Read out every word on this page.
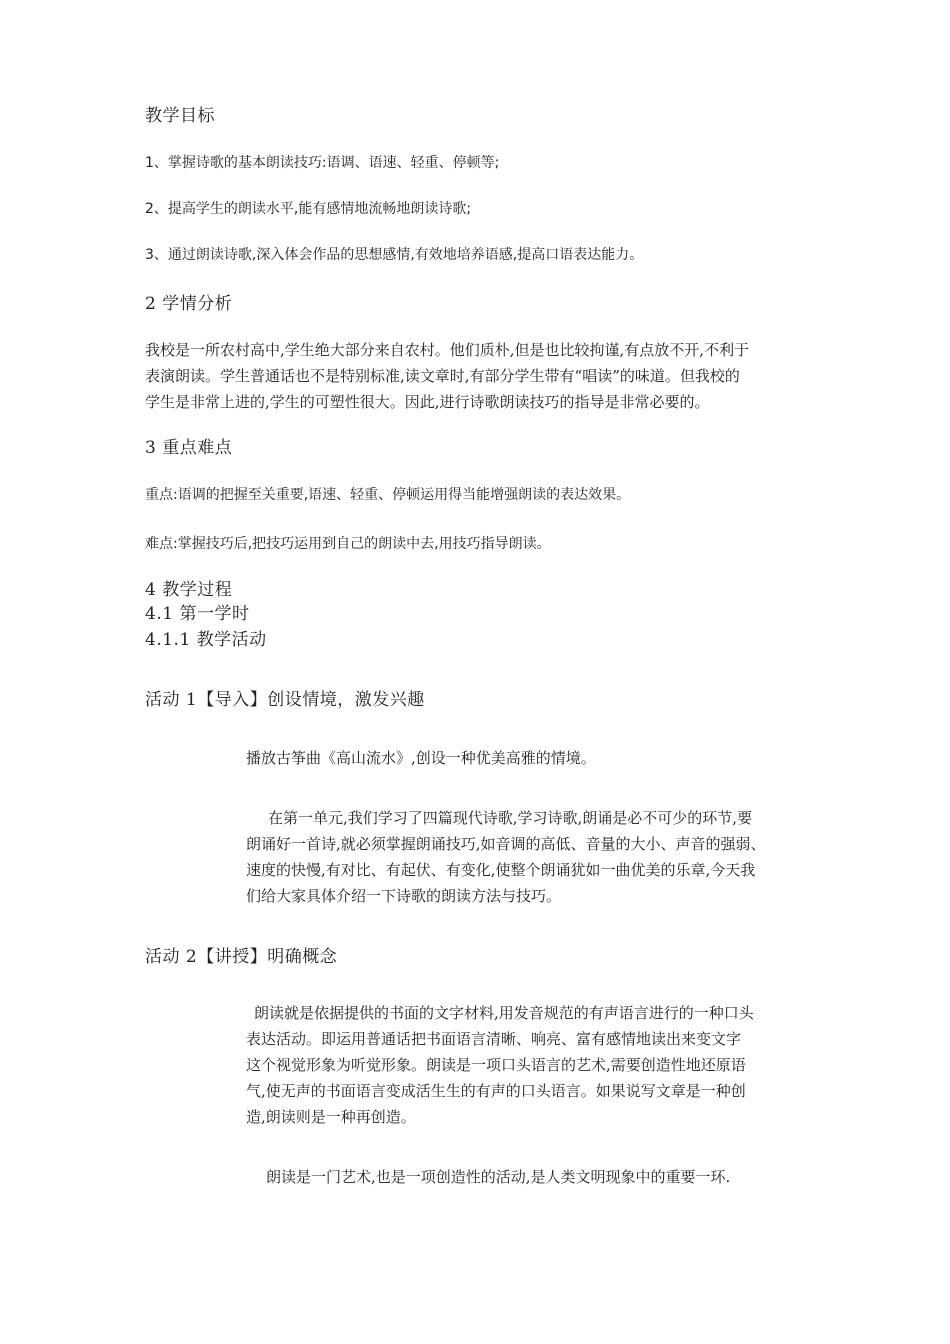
教学目标

1、掌握诗歌的基本朗读技巧:语调、语速、轻重、停顿等;

2、提高学生的朗读水平,能有感情地流畅地朗读诗歌;

3、通过朗读诗歌,深入体会作品的思想感情,有效地培养语感,提高口语表达能力。

2 学情分析

我校是一所农村高中,学生绝大部分来自农村。他们质朴,但是也比较拘谨,有点放不开,不利于
表演朗读。学生普通话也不是特别标准,读文章时,有部分学生带有“唱读”的味道。但我校的
学生是非常上进的,学生的可塑性很大。因此,进行诗歌朗读技巧的指导是非常必要的。

3 重点难点

重点:语调的把握至关重要,语速、轻重、停顿运用得当能增强朗读的表达效果。

难点:掌握技巧后,把技巧运用到自己的朗读中去,用技巧指导朗读。

4 教学过程

4.1 第一学时

4.1.1 教学活动

活动 1【导入】创设情境，激发兴趣

播放古筝曲《高山流水》,创设一种优美高雅的情境。

在第一单元,我们学习了四篇现代诗歌,学习诗歌,朗诵是必不可少的环节,要
朗诵好一首诗,就必须掌握朗诵技巧,如音调的高低、音量的大小、声音的强弱、
速度的快慢,有对比、有起伏、有变化,使整个朗诵犹如一曲优美的乐章,今天我
们给大家具体介绍一下诗歌的朗读方法与技巧。

活动 2【讲授】明确概念

朗读就是依据提供的书面的文字材料,用发音规范的有声语言进行的一种口头
表达活动。即运用普通话把书面语言清晰、响亮、富有感情地读出来变文字
这个视觉形象为听觉形象。朗读是一项口头语言的艺术,需要创造性地还原语
气,使无声的书面语言变成活生生的有声的口头语言。如果说写文章是一种创
造,朗读则是一种再创造。

朗读是一门艺术,也是一项创造性的活动,是人类文明现象中的重要一环.
